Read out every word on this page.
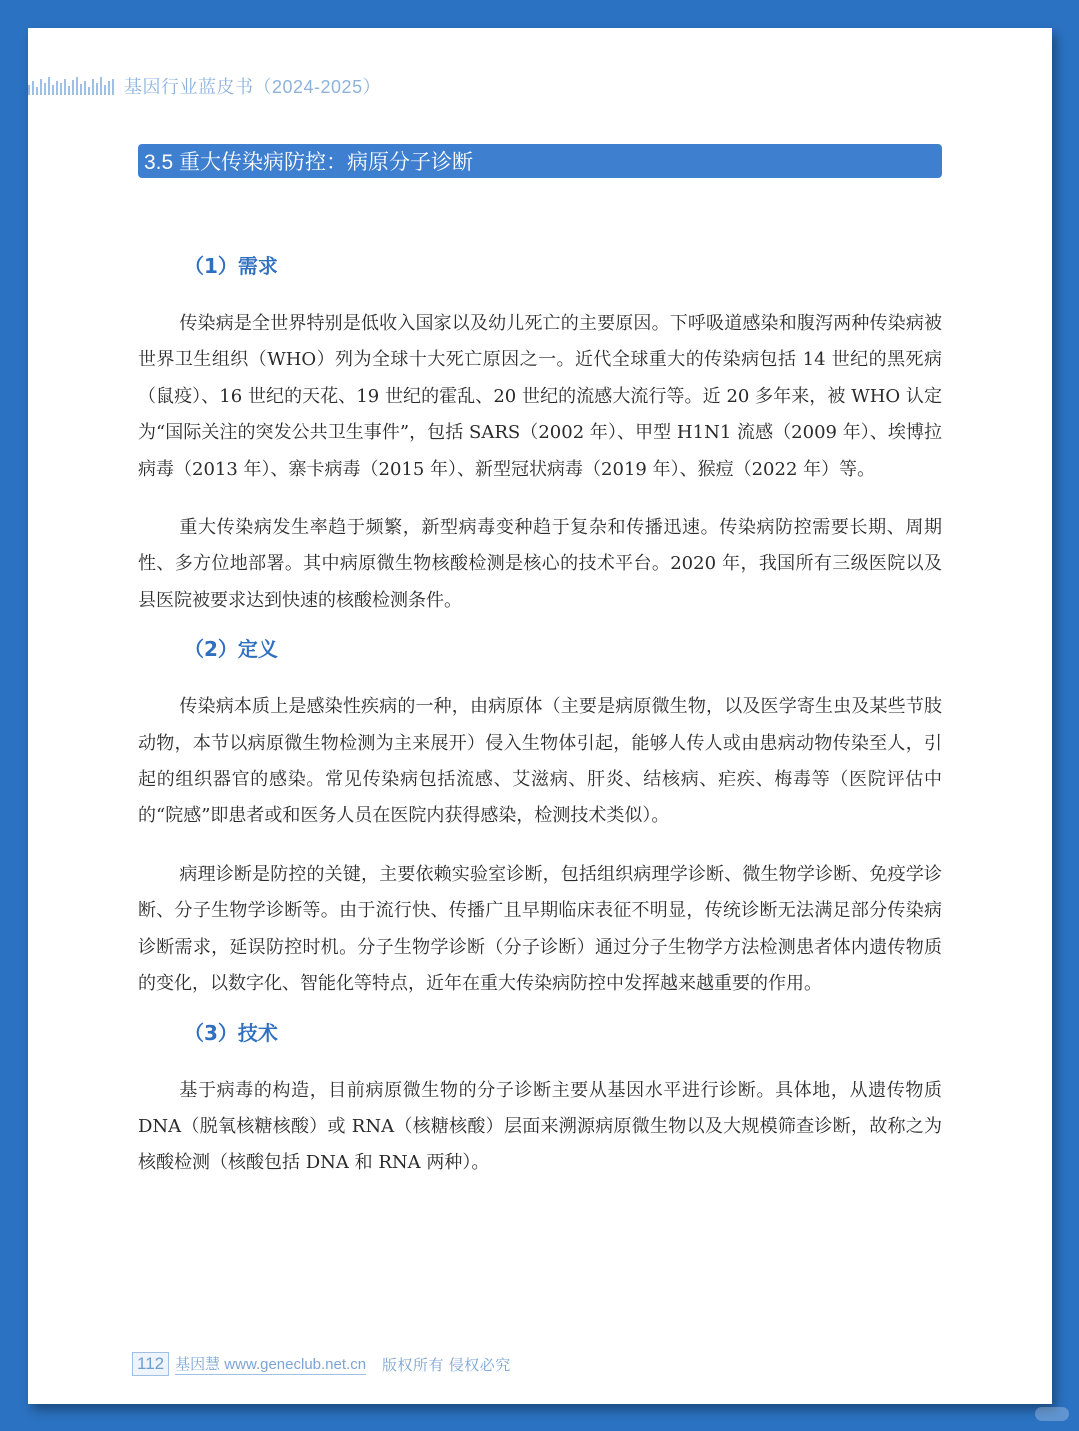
基因行业蓝皮书（2024-2025）
3.5 重大传染病防控：病原分子诊断
（1）需求

传染病是全世界特别是低收入国家以及幼儿死亡的主要原因。下呼吸道感染和腹泻两种传染病被世界卫生组织（WHO）列为全球十大死亡原因之一。近代全球重大的传染病包括 14 世纪的黑死病（鼠疫）、16 世纪的天花、19 世纪的霍乱、20 世纪的流感大流行等。近 20 多年来，被 WHO 认定为“国际关注的突发公共卫生事件”，包括 SARS（2002 年）、甲型 H1N1 流感（2009 年）、埃博拉病毒（2013 年）、寨卡病毒（2015 年）、新型冠状病毒（2019 年）、猴痘（2022 年）等。

重大传染病发生率趋于频繁，新型病毒变种趋于复杂和传播迅速。传染病防控需要长期、周期性、多方位地部署。其中病原微生物核酸检测是核心的技术平台。2020 年，我国所有三级医院以及县医院被要求达到快速的核酸检测条件。

（2）定义

传染病本质上是感染性疾病的一种，由病原体（主要是病原微生物，以及医学寄生虫及某些节肢动物，本节以病原微生物检测为主来展开）侵入生物体引起，能够人传人或由患病动物传染至人，引起的组织器官的感染。常见传染病包括流感、艾滋病、肝炎、结核病、疟疾、梅毒等（医院评估中的“院感”即患者或和医务人员在医院内获得感染，检测技术类似）。

病理诊断是防控的关键，主要依赖实验室诊断，包括组织病理学诊断、微生物学诊断、免疫学诊断、分子生物学诊断等。由于流行快、传播广且早期临床表征不明显，传统诊断无法满足部分传染病诊断需求，延误防控时机。分子生物学诊断（分子诊断）通过分子生物学方法检测患者体内遗传物质的变化，以数字化、智能化等特点，近年在重大传染病防控中发挥越来越重要的作用。

（3）技术

基于病毒的构造，目前病原微生物的分子诊断主要从基因水平进行诊断。具体地，从遗传物质 DNA（脱氧核糖核酸）或 RNA（核糖核酸）层面来溯源病原微生物以及大规模筛查诊断，故称之为核酸检测（核酸包括 DNA 和 RNA 两种）。

112 基因慧 www.geneclub.net.cn 版权所有 侵权必究
